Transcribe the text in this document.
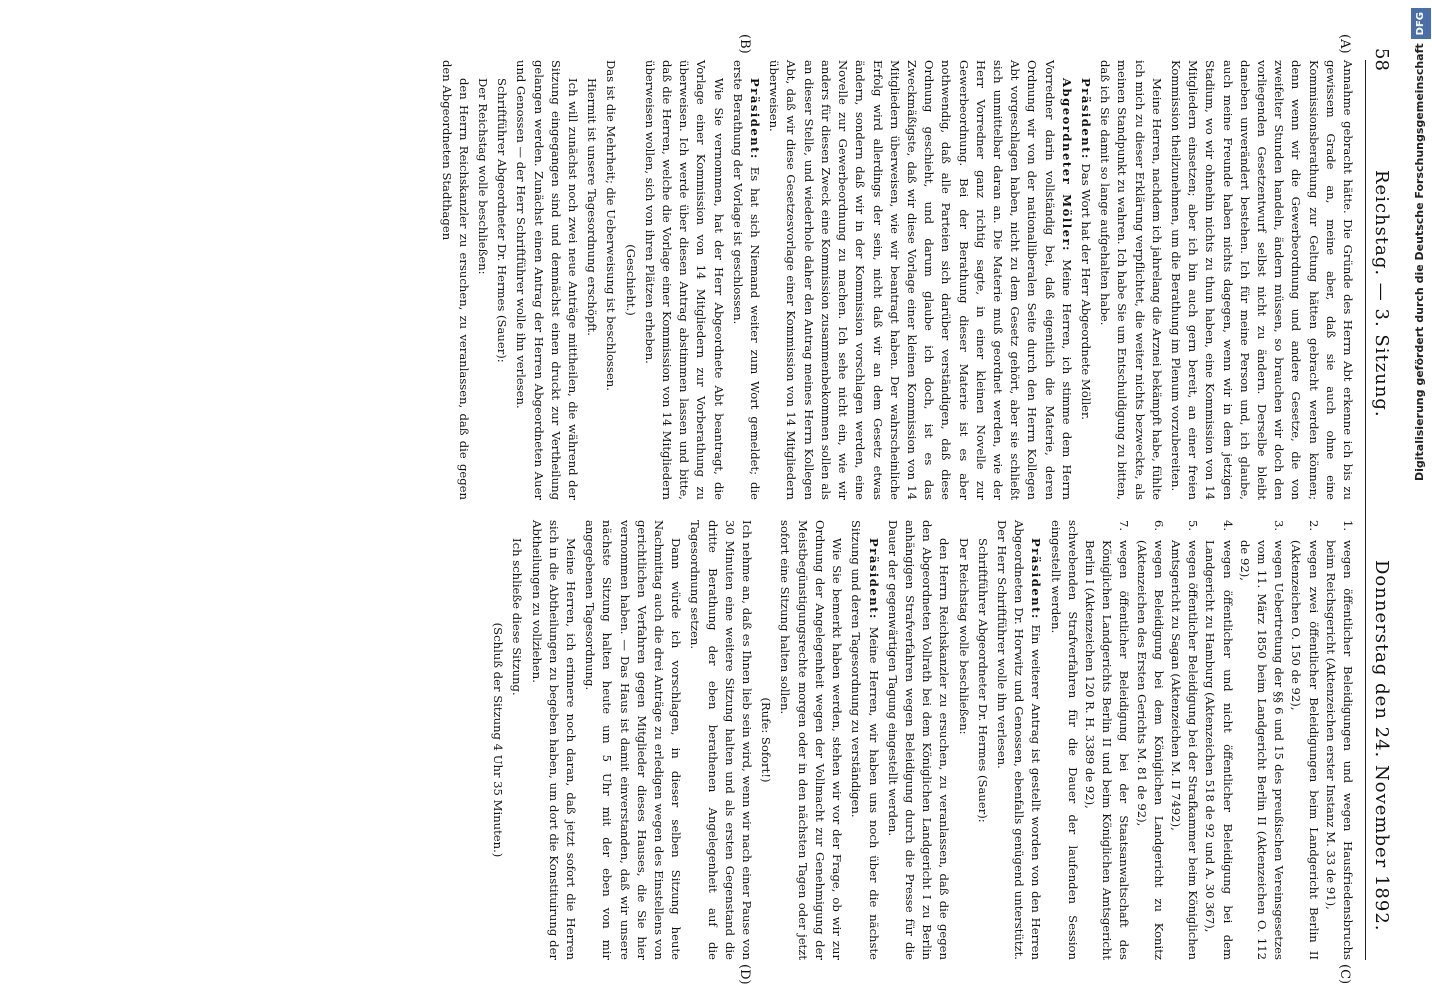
58
Reichstag. — 3. Sitzung.
Donnerstag den 24. November 1892.
(A)
(B)
(C)
(D)

Annahme gebracht hätte. Die Gründe des Herrn Abt erkenne ich bis zu gewissem Grade an, meine aber, daß sie auch ohne eine Kommissionsberathung zur Geltung hätten gebracht werden können; denn wenn wir die Gewerbeordnung und andere Gesetze, die von zweifelter Stunden handeln, ändern müssen, so brauchen wir doch den vorliegenden Gesetzentwurf selbst nicht zu ändern. Derselbe bleibt daneben unverändert bestehen. Ich für meine Person und, ich glaube, auch meine Freunde haben nichts dagegen, wenn wir in dem jetzigen Stadium, wo wir ohnehin nichts zu thun haben, eine Kommission von 14 Mitgliedern einsetzen; aber ich bin auch gern bereit, an einer freien Kommission theilzunehmen, um die Berathung im Plenum vorzubereiten.

Meine Herren, nachdem ich jahrelang die Arznei bekämpft habe, fühlte ich mich zu dieser Erklärung verpflichtet, die weiter nichts bezweckte, als meinen Standpunkt zu wahren. Ich habe Sie um Entschuldigung zu bitten, daß ich Sie damit so lange aufgehalten habe.

Präsident: Das Wort hat der Herr Abgeordnete Möller.

Abgeordneter Möller: Meine Herren, ich stimme dem Herrn Vorredner darin vollständig bei, daß eigentlich die Materie, deren Ordnung wir von der nationalliberalen Seite durch den Herrn Kollegen Abt vorgeschlagen haben, nicht zu dem Gesetz gehört, aber sie schließt sich unmittelbar daran an. Die Materie muß geordnet werden, wie der Herr Vorredner ganz richtig sagte, in einer kleinen Novelle zur Gewerbeordnung. Bei der Berathung dieser Materie ist es aber nothwendig, daß alle Parteien sich darüber verständigen, daß diese Ordnung geschieht, und darum glaube ich doch, ist es das Zweckmäßigste, daß wir diese Vorlage einer kleinen Kommission von 14 Mitgliedern überweisen, wie wir beantragt haben. Der wahrscheinliche Erfolg wird allerdings der sein, nicht daß wir an dem Gesetz etwas ändern, sondern daß wir in der Kommission vorschlagen werden, eine Novelle zur Gewerbeordnung zu machen. Ich sehe nicht ein, wie wir anders für diesen Zweck eine Kommission zusammenbekommen sollen als an dieser Stelle, und wiederhole daher den Antrag meines Herrn Kollegen Abt, daß wir diese Gesetzesvorlage einer Kommission von 14 Mitgliedern überweisen.

Präsident: Es hat sich Niemand weiter zum Wort gemeldet; die erste Berathung der Vorlage ist geschlossen.

Wie Sie vernommen, hat der Herr Abgeordnete Abt beantragt, die Vorlage einer Kommission von 14 Mitgliedern zur Vorberathung zu überweisen. Ich werde über diesen Antrag abstimmen lassen und bitte, daß die Herren, welche die Vorlage einer Kommission von 14 Mitgliedern überweisen wollen, sich von ihren Plätzen erheben.

(Geschieht.)

Das ist die Mehrheit; die Ueberweisung ist beschlossen.

Hiermit ist unsere Tagesordnung erschöpft.

Ich will zunächst noch zwei neue Anträge mittheilen, die während der Sitzung eingegangen sind und demnächst einen druckt zur Vertheilung gelangen werden. Zunächst einen Antrag der Herren Abgeordneten Auer und Genossen — der Herr Schriftführer wolle ihn verlesen.

Schriftführer Abgeordneter Dr. Hermes (Sauer):

Der Reichstag wolle beschließen:

den Herrn Reichskanzler zu ersuchen, zu veranlassen, daß die gegen den Abgeordneten Stadthagen

1.
wegen öffentlicher Beleidigungen und wegen Hausfriedensbruchs beim Reichsgericht (Aktenzeichen erster Instanz M. 33 de 91),
2.
wegen zwei öffentlicher Beleidigungen beim Landgericht Berlin II (Aktenzeichen O. 150 de 92),
3.
wegen Uebertretung der §§ 6 und 15 des preußischen Vereinsgesetzes vom 11. März 1850 beim Landgericht Berlin II (Aktenzeichen O. 112 de 92),
4.
wegen öffentlicher und nicht öffentlicher Beleidigung bei dem Landgericht zu Hamburg (Aktenzeichen 518 de 92 und A. 30 367),
5.
wegen öffentlicher Beleidigung bei der Strafkammer beim Königlichen Amtsgericht zu Sagan (Aktenzeichen M. II 7492),
6.
wegen Beleidigung bei dem Königlichen Landgericht zu Konitz (Aktenzeichen des Ersten Gerichts M. 81 de 92),
7.
wegen öffentlicher Beleidigung bei der Staatsanwaltschaft des Königlichen Landgerichts Berlin II und beim Königlichen Amtsgericht Berlin I (Aktenzeichen 120 R. H. 3389 de 92),

schwebenden Strafverfahren für die Dauer der laufenden Session eingestellt werden.

Präsident: Ein weiterer Antrag ist gestellt worden von den Herren Abgeordneten Dr. Horwitz und Genossen, ebenfalls genügend unterstützt. Der Herr Schriftführer wolle ihn verlesen.

Schriftführer Abgeordneter Dr. Hermes (Sauer):

Der Reichstag wolle beschließen:

den Herrn Reichskanzler zu ersuchen, zu veranlassen, daß die gegen den Abgeordneten Vollrath bei dem Königlichen Landgericht I zu Berlin anhängigen Strafverfahren wegen Beleidigung durch die Presse für die Dauer der gegenwärtigen Tagung eingestellt werden.

Präsident: Meine Herren, wir haben uns noch über die nächste Sitzung und deren Tagesordnung zu verständigen.

Wie Sie bemerkt haben werden, stehen wir vor der Frage, ob wir zur Ordnung der Angelegenheit wegen der Vollmacht zur Genehmigung der Meistbegünstigungsrechte morgen oder in den nächsten Tagen oder jetzt sofort eine Sitzung halten sollen.

(Rufe: Sofort!)

Ich nehme an, daß es Ihnen lieb sein wird, wenn wir nach einer Pause von 30 Minuten eine weitere Sitzung halten und als ersten Gegenstand die dritte Berathung der eben berathenen Angelegenheit auf die Tagesordnung setzen.

Dann würde ich vorschlagen, in dieser selben Sitzung heute Nachmittag auch die drei Anträge zu erledigen wegen des Einstellens von gerichtlichen Verfahren gegen Mitglieder dieses Hauses, die Sie hier vernommen haben. — Das Haus ist damit einverstanden, daß wir unsere nächste Sitzung halten heute um 5 Uhr mit der eben von mir angegebenen Tagesordnung.

Meine Herren, ich erinnere noch daran, daß jetzt sofort die Herren sich in die Abtheilungen zu begeben haben, um dort die Konstituirung der Abtheilungen zu vollziehen.

Ich schließe diese Sitzung.

(Schluß der Sitzung 4 Uhr 35 Minuten.)

Digitalisierung gefördert durch die Deutsche ForschungsgemeinschaftDFG
